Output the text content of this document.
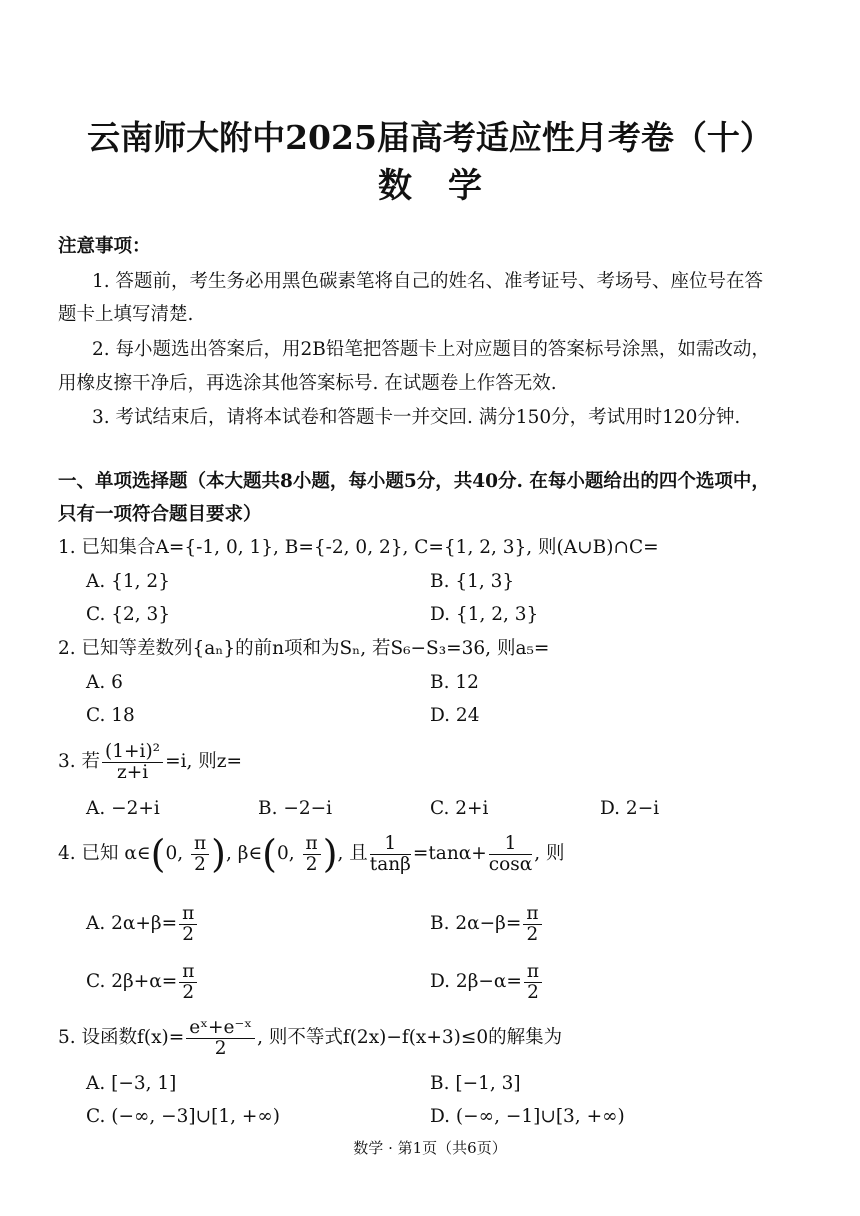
云南师大附中2025届高考适应性月考卷（十）
数学
注意事项：
1. 答题前，考生务必用黑色碳素笔将自己的姓名、准考证号、考场号、座位号在答
题卡上填写清楚.
2. 每小题选出答案后，用2B铅笔把答题卡上对应题目的答案标号涂黑，如需改动，
用橡皮擦干净后，再选涂其他答案标号. 在试题卷上作答无效.
3. 考试结束后，请将本试卷和答题卡一并交回. 满分150分，考试用时120分钟.
一、单项选择题（本大题共8小题，每小题5分，共40分. 在每小题给出的四个选项中，
只有一项符合题目要求）
1. 已知集合A={-1, 0, 1}, B={-2, 0, 2}, C={1, 2, 3}, 则(A∪B)∩C=
A. {1, 2}	B. {1, 3}
C. {2, 3}	D. {1, 2, 3}
2. 已知等差数列{aₙ}的前n项和为Sₙ, 若S₆−S₃=36, 则a₅=
A. 6	B. 12
C. 18	D. 24
3. 若 $\frac{\text{(1+i)²}}{z+i} =i$, 则z=
A. −2+i	B. −2−i	C. 2+i	D. 2−i
4. 已知 α∈(0, $\frac{\pi}{2}$ ), β∈(0, $\frac{\pi}{2}$ ), 且 $\frac{1}{\tan\beta} =\tan\alpha+ \frac{1}{\cos\alpha}$ , 则
A. $2\alpha+\beta= \frac{\pi}{2}$	B. $2\alpha-\beta= \frac{\pi}{2}$
C. $2\beta+\alpha= \frac{\pi}{2}$	D. $2\beta-\alpha= \frac{\pi}{2}$
5. 设函数$f(x)= \frac{\text{eˣ+e⁻ˣ}}{2}$ , 则不等式f(2x)−f(x+3)≤0的解集为
A. [−3, 1]	B. [−1, 3]
C. (−∞, −3]∪[1, +∞)	D. (−∞, −1]∪[3, +∞)
数学 · 第1页（共6页）
